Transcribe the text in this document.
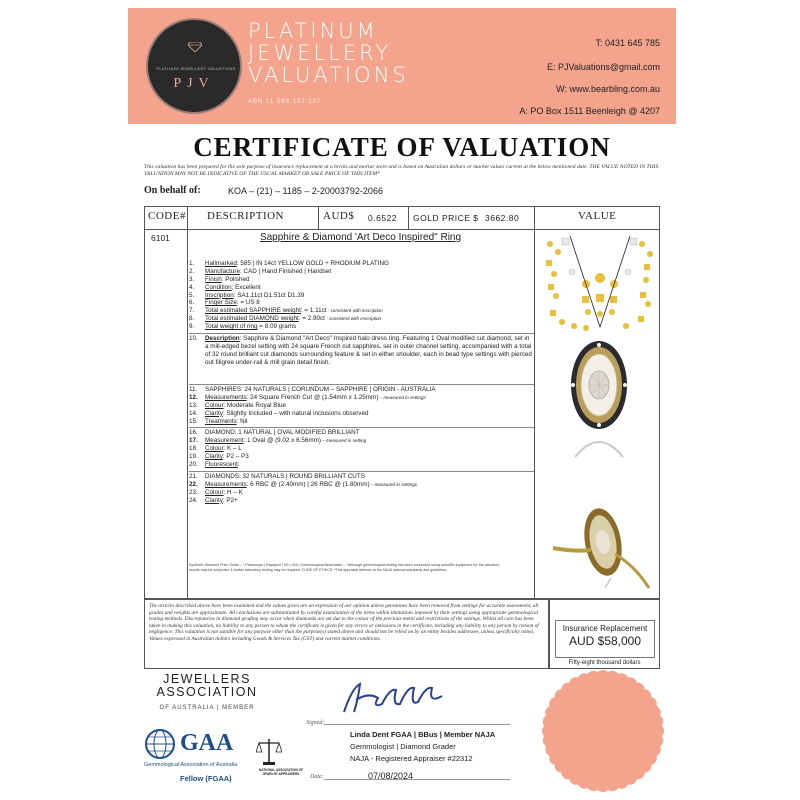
PLATINUM JEWELLERY VALUATIONS
PJV
PLATINUM
JEWELLERY
VALUATIONS
ABN 11 598 192 127
T: 0431 645 785
E: PJValuations@gmail.com
W: www.bearbling.com.au
A: PO Box 1511 Beenleigh @ 4207
CERTIFICATE OF VALUATION
This valuation has been prepared for the sole purpose of insurance replacement at a bricks and mortar store and is based on Australian dollars or market values current at the below mentioned date. THE VALUE NOTED IN THIS VALUATION MAY NOT BE INDICATIVE OF THE USUAL MARKET OR SALE PRICE OF THIS ITEM*
On behalf of:	KOA – (21) – 1185 – 2-20003792-2066
CODE# DESCRIPTION	AUD$ 0.6522 GOLD PRICE $ 3662.80	VALUE
6101	Sapphire & Diamond 'Art Deco Inspired" Ring
1.	Hallmarked: 585 | IN 14ct YELLOW GOLD + RHODIUM PLATING
2.	Manufacture: CAD | Hand Finished | Handset
3.	Finish: Polished
4.	Condition: Excellent
5.	Inscription: SA1.11ct D1.51ct D1.39
6.	Finger Size: = US 8
7.	Total estimated SAPPHIRE weight: = 1.11ct - consistent with inscription
8.	Total estimated DIAMOND weight: = 2.90ct - consistent with inscription
9.	Total weight of ring = 8.09 grams
10. Description: Sapphire & Diamond "Art Deco" Inspired halo dress ring. Featuring 1 Oval modified cut diamond, set in a mill-edged bezel setting with 24 square French cut sapphires, set in outer channel setting, accompanied with a total of 32 round brilliant cut diamonds surrounding feature & set in either shoulder, each in bead type settings with pierced out filigree under-rail & mill grain detail finish.
11.	SAPPHIRES: 24 NATURALS | CORUNDUM – SAPPHIRE | ORIGIN - AUSTRALIA
12.	Measurements: 24 Square French Cut @ (1.54mm x 1.25mm) – measured in settings
13.	Colour: Moderate Royal Blue
14.	Clarity: Slightly Included – with natural inclusions observed
15.	Treatments: Nil
16.	DIAMOND: 1 NATURAL | OVAL MODIFIED BRILLIANT
17.	Measurement: 1 Oval @ (9.02 x 6.56mm) – measured in setting
18.	Colour: K – L
19.	Clarity: P2 – P3
20.	Fluorescent:
21.	DIAMONDS: 32 NATURALS | ROUND BRILLIANT CUTS
22.	Measurements: 6 RBC @ (2.40mm) | 26 RBC @ (1.80mm) – measured in settings
23.	Colour: H – K
24.	Clarity: P2+
Synthetic Diamond Price Guide – * Pricescope | Rapaport | IGI | GIA | Gemmological Association – *Although gemmological testing has been conducted using scientific equipment for the valuation, results may be subjective & further laboratory testing may be required. CODE OF ETHICS: *This appraisal adheres to the NAJA national standards and guidelines.
The articles described above have been examined and the values given are an expression of our opinion unless gemstones have been removed from settings for accurate assessment, all grades and weights are approximate. All conclusions are substantiated by careful examination of the items within limitations imposed by their settings using appropriate gemmological testing methods. Discrepancies in diamond grading may occur when diamonds are set due to the colour of the precious metal and restrictions of the settings. Whilst all care has been taken in making this valuation, no liability to any person to whom the certificate is given for any errors or omissions in the certificate, including any liability to any person by reason of negligence. This valuation is not suitable for any purpose other than the purpose(s) stated above and should not be relied on by an entity besides addressee, unless specifically noted. Values expressed in Australian dollars including Goods & Services Tax (GST) and current market conditions.
Insurance Replacement
AUD $58,000
Fifty-eight thousand dollars
JEWELLERS
ASSOCIATION
OF AUSTRALIA | MEMBER
GAA
Gemmological Association of Australia
Fellow (FGAA)
NATIONAL ASSOCIATION OF JEWELRY APPRAISERS
Signed:
Linda Dent FGAA | BBus | Member NAJA
Gemmologist | Diamond Grader
NAJA - Registered Appraiser #22312
Date:	07/08/2024
